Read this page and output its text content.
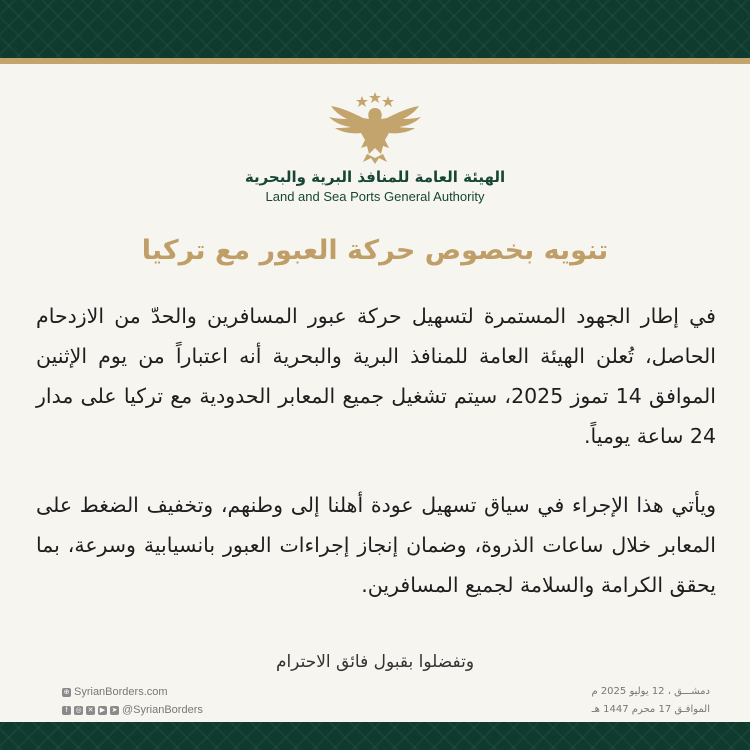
الهيئة العامة للمنافذ البرية والبحرية
Land and Sea Ports General Authority
تنويه بخصوص حركة العبور مع تركيا
في إطار الجهود المستمرة لتسهيل حركة عبور المسافرين والحدّ من الازدحام الحاصل، تُعلن الهيئة العامة للمنافذ البرية والبحرية أنه اعتباراً من يوم الإثنين الموافق 14 تموز 2025، سيتم تشغيل جميع المعابر الحدودية مع تركيا على مدار 24 ساعة يومياً.
ويأتي هذا الإجراء في سياق تسهيل عودة أهلنا إلى وطنهم، وتخفيف الضغط على المعابر خلال ساعات الذروة، وضمان إنجاز إجراءات العبور بانسيابية وسرعة، بما يحقق الكرامة والسلامة لجميع المسافرين.
وتفضلوا بقبول فائق الاحترام
⊕ SyrianBorders.com
f	◎ ✕ ▶ ➤ @SyrianBorders
دمشـــق ، 12 يوليو 2025 م
الموافـق 17 محرم 1447 هـ
